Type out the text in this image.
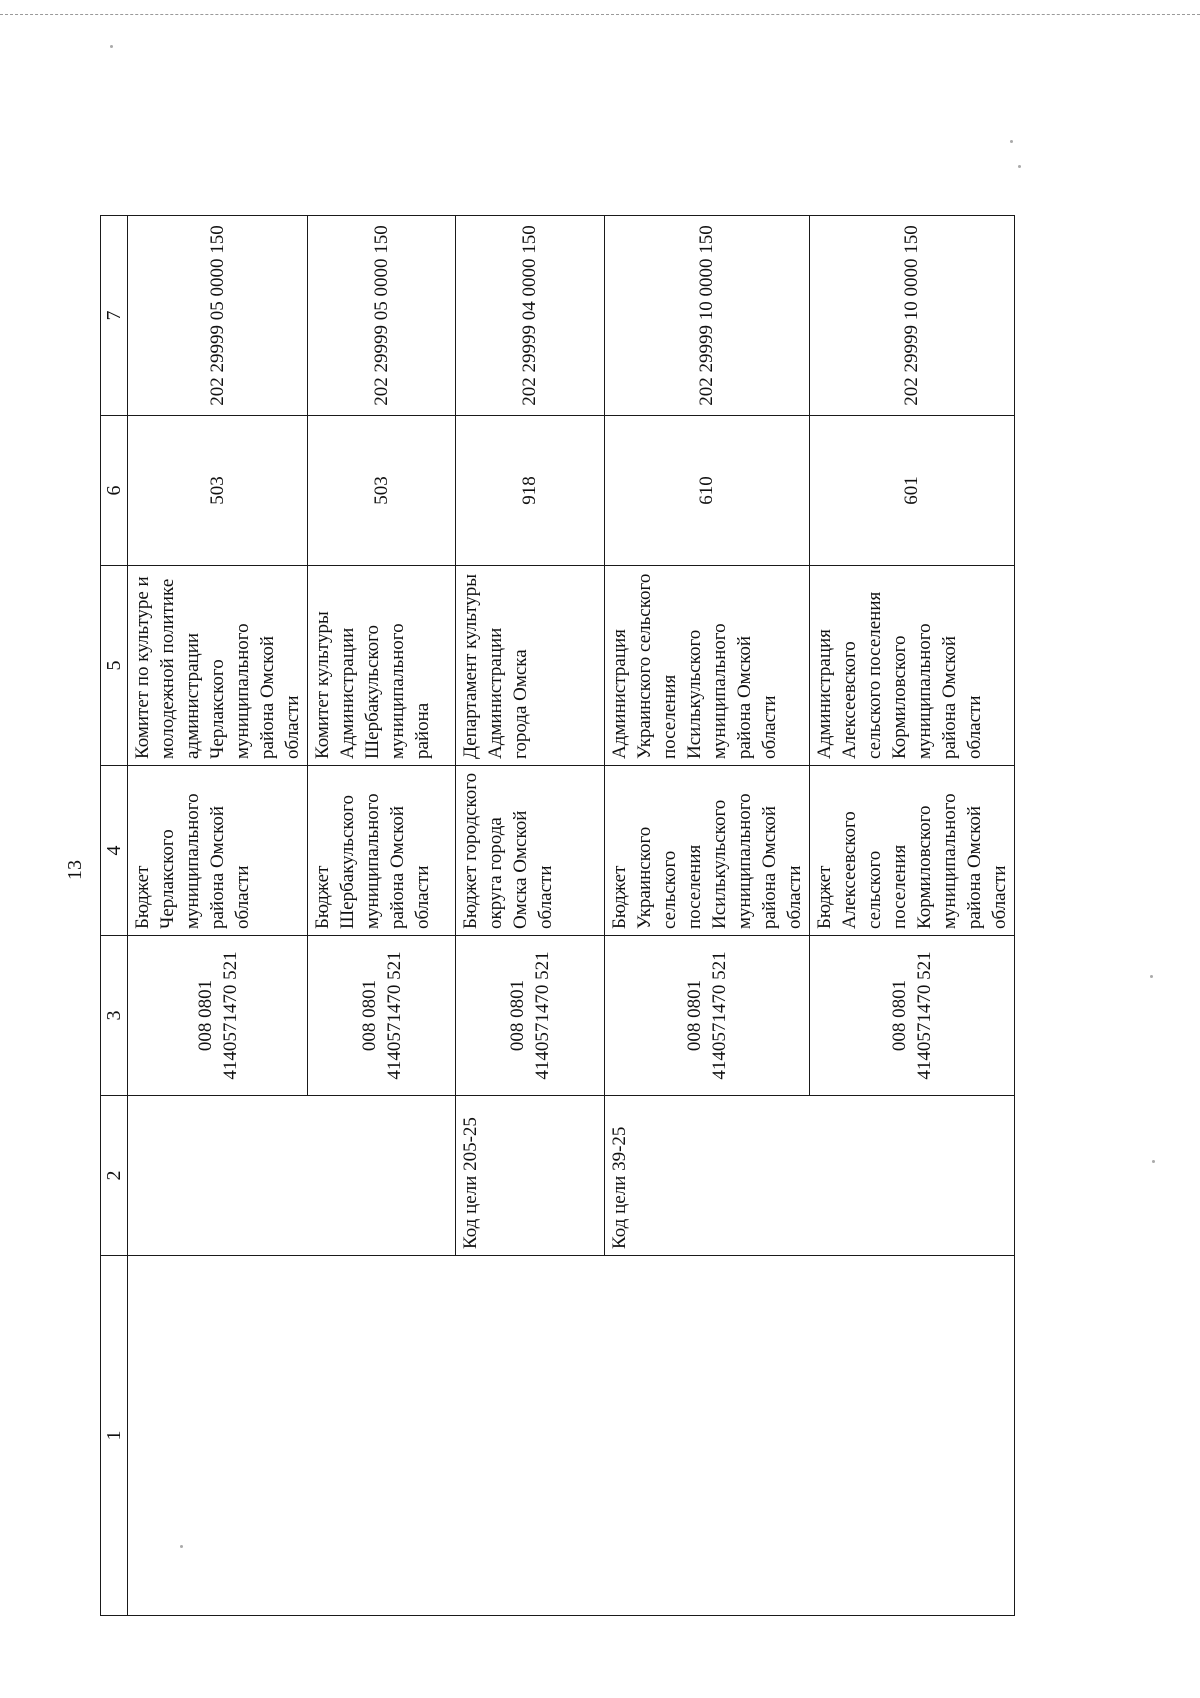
13
1	2	3	4	5	6	7
		008 0801 4140571470 521	Бюджет Черлакского муниципального района Омской области	Комитет по культуре и молодежной политике администрации Черлакского муниципального района Омской области	503	202 29999 05 0000 150
		008 0801 4140571470 521	Бюджет Шербакульского муниципального района Омской области	Комитет культуры Администрации Шербакульского муниципального района	503	202 29999 05 0000 150
	Код цели 205-25	008 0801 4140571470 521	Бюджет городского округа города Омска Омской области	Департамент культуры Администрации города Омска	918	202 29999 04 0000 150
	Код цели 39-25	008 0801 4140571470 521	Бюджет Украинского сельского поселения Исилькульского муниципального района Омской области	Администрация Украинского сельского поселения Исилькульского муниципального района Омской области	610	202 29999 10 0000 150
		008 0801 4140571470 521	Бюджет Алексеевского сельского поселения Кормиловского муниципального района Омской области	Администрация Алексеевского сельского поселения Кормиловского муниципального района Омской области	601	202 29999 10 0000 150
